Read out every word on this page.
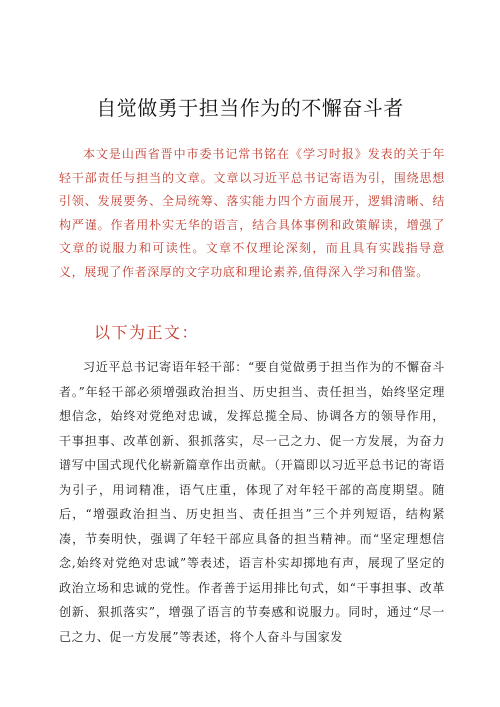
自觉做勇于担当作为的不懈奋斗者

本文是山西省晋中市委书记常书铭在《学习时报》发表的关于年轻干部责任与担当的文章。文章以习近平总书记寄语为引，围绕思想引领、发展要务、全局统筹、落实能力四个方面展开，逻辑清晰、结构严谨。作者用朴实无华的语言，结合具体事例和政策解读，增强了文章的说服力和可读性。文章不仅理论深刻，而且具有实践指导意义，展现了作者深厚的文字功底和理论素养,值得深入学习和借鉴。

以下为正文：

习近平总书记寄语年轻干部：“要自觉做勇于担当作为的不懈奋斗者。”年轻干部必须增强政治担当、历史担当、责任担当，始终坚定理想信念，始终对党绝对忠诚，发挥总揽全局、协调各方的领导作用，干事担事、改革创新、狠抓落实，尽一己之力、促一方发展，为奋力谱写中国式现代化崭新篇章作出贡献。（开篇即以习近平总书记的寄语为引子，用词精准，语气庄重，体现了对年轻干部的高度期望。随后，“增强政治担当、历史担当、责任担当”三个并列短语，结构紧凑，节奏明快，强调了年轻干部应具备的担当精神。而“坚定理想信念,始终对党绝对忠诚”等表述，语言朴实却掷地有声，展现了坚定的政治立场和忠诚的党性。作者善于运用排比句式，如“干事担事、改革创新、狠抓落实”，增强了语言的节奏感和说服力。同时，通过“尽一己之力、促一方发展”等表述，将个人奋斗与国家发
